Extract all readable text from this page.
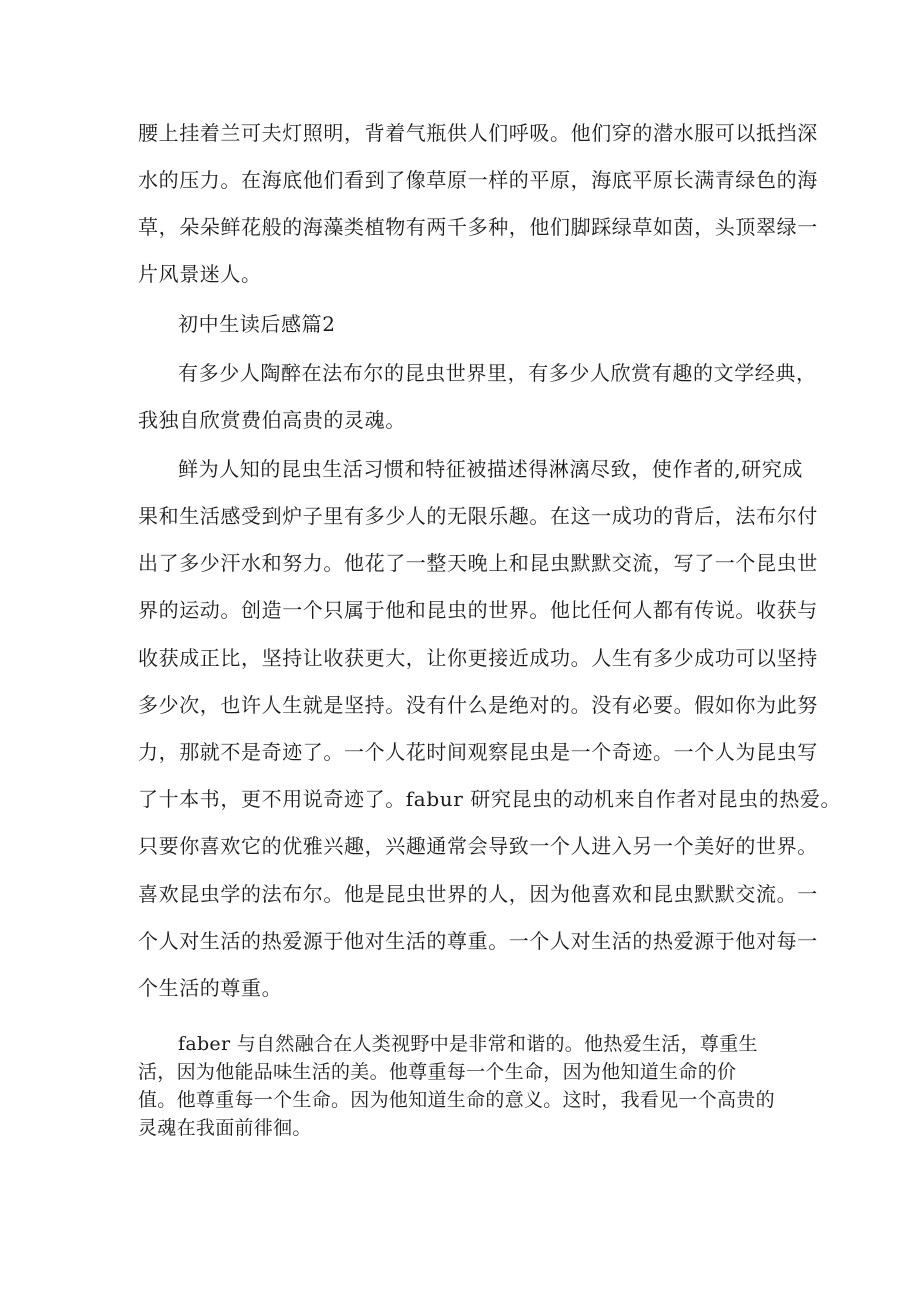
腰上挂着兰可夫灯照明，背着气瓶供人们呼吸。他们穿的潜水服可以抵挡深
水的压力。在海底他们看到了像草原一样的平原，海底平原长满青绿色的海
草，朵朵鲜花般的海藻类植物有两千多种，他们脚踩绿草如茵，头顶翠绿一
片风景迷人。
初中生读后感篇2
有多少人陶醉在法布尔的昆虫世界里，有多少人欣赏有趣的文学经典，
我独自欣赏费伯高贵的灵魂。
鲜为人知的昆虫生活习惯和特征被描述得淋漓尽致，使作者的,研究成
果和生活感受到炉子里有多少人的无限乐趣。在这一成功的背后，法布尔付
出了多少汗水和努力。他花了一整天晚上和昆虫默默交流，写了一个昆虫世
界的运动。创造一个只属于他和昆虫的世界。他比任何人都有传说。收获与
收获成正比，坚持让收获更大，让你更接近成功。人生有多少成功可以坚持
多少次，也许人生就是坚持。没有什么是绝对的。没有必要。假如你为此努
力，那就不是奇迹了。一个人花时间观察昆虫是一个奇迹。一个人为昆虫写
了十本书，更不用说奇迹了。fabur 研究昆虫的动机来自作者对昆虫的热爱。
只要你喜欢它的优雅兴趣，兴趣通常会导致一个人进入另一个美好的世界。
喜欢昆虫学的法布尔。他是昆虫世界的人，因为他喜欢和昆虫默默交流。一
个人对生活的热爱源于他对生活的尊重。一个人对生活的热爱源于他对每一
个生活的尊重。
faber 与自然融合在人类视野中是非常和谐的。他热爱生活，尊重生
活，因为他能品味生活的美。他尊重每一个生命，因为他知道生命的价
值。他尊重每一个生命。因为他知道生命的意义。这时，我看见一个高贵的
灵魂在我面前徘徊。
